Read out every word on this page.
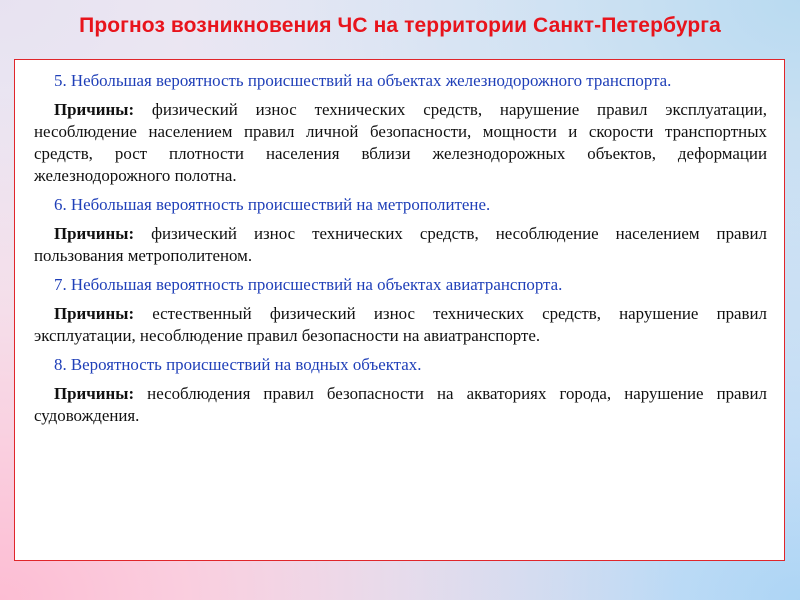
Прогноз возникновения ЧС на территории Санкт-Петербурга

5. Небольшая вероятность происшествий на объектах железнодорожного транспорта.

Причины: физический износ технических средств, нарушение правил эксплуатации, несоблюдение населением правил личной безопасности, мощности и скорости транспортных средств, рост плотности населения вблизи железнодорожных объектов, деформации железнодорожного полотна.

6. Небольшая вероятность происшествий на метрополитене.

Причины: физический износ технических средств, несоблюдение населением правил пользования метрополитеном.

7. Небольшая вероятность происшествий на объектах авиатранспорта.

Причины: естественный физический износ технических средств, нарушение правил эксплуатации, несоблюдение правил безопасности на авиатранспорте.

8. Вероятность происшествий на водных объектах.

Причины: несоблюдения правил безопасности на акваториях города, нарушение правил судовождения.
